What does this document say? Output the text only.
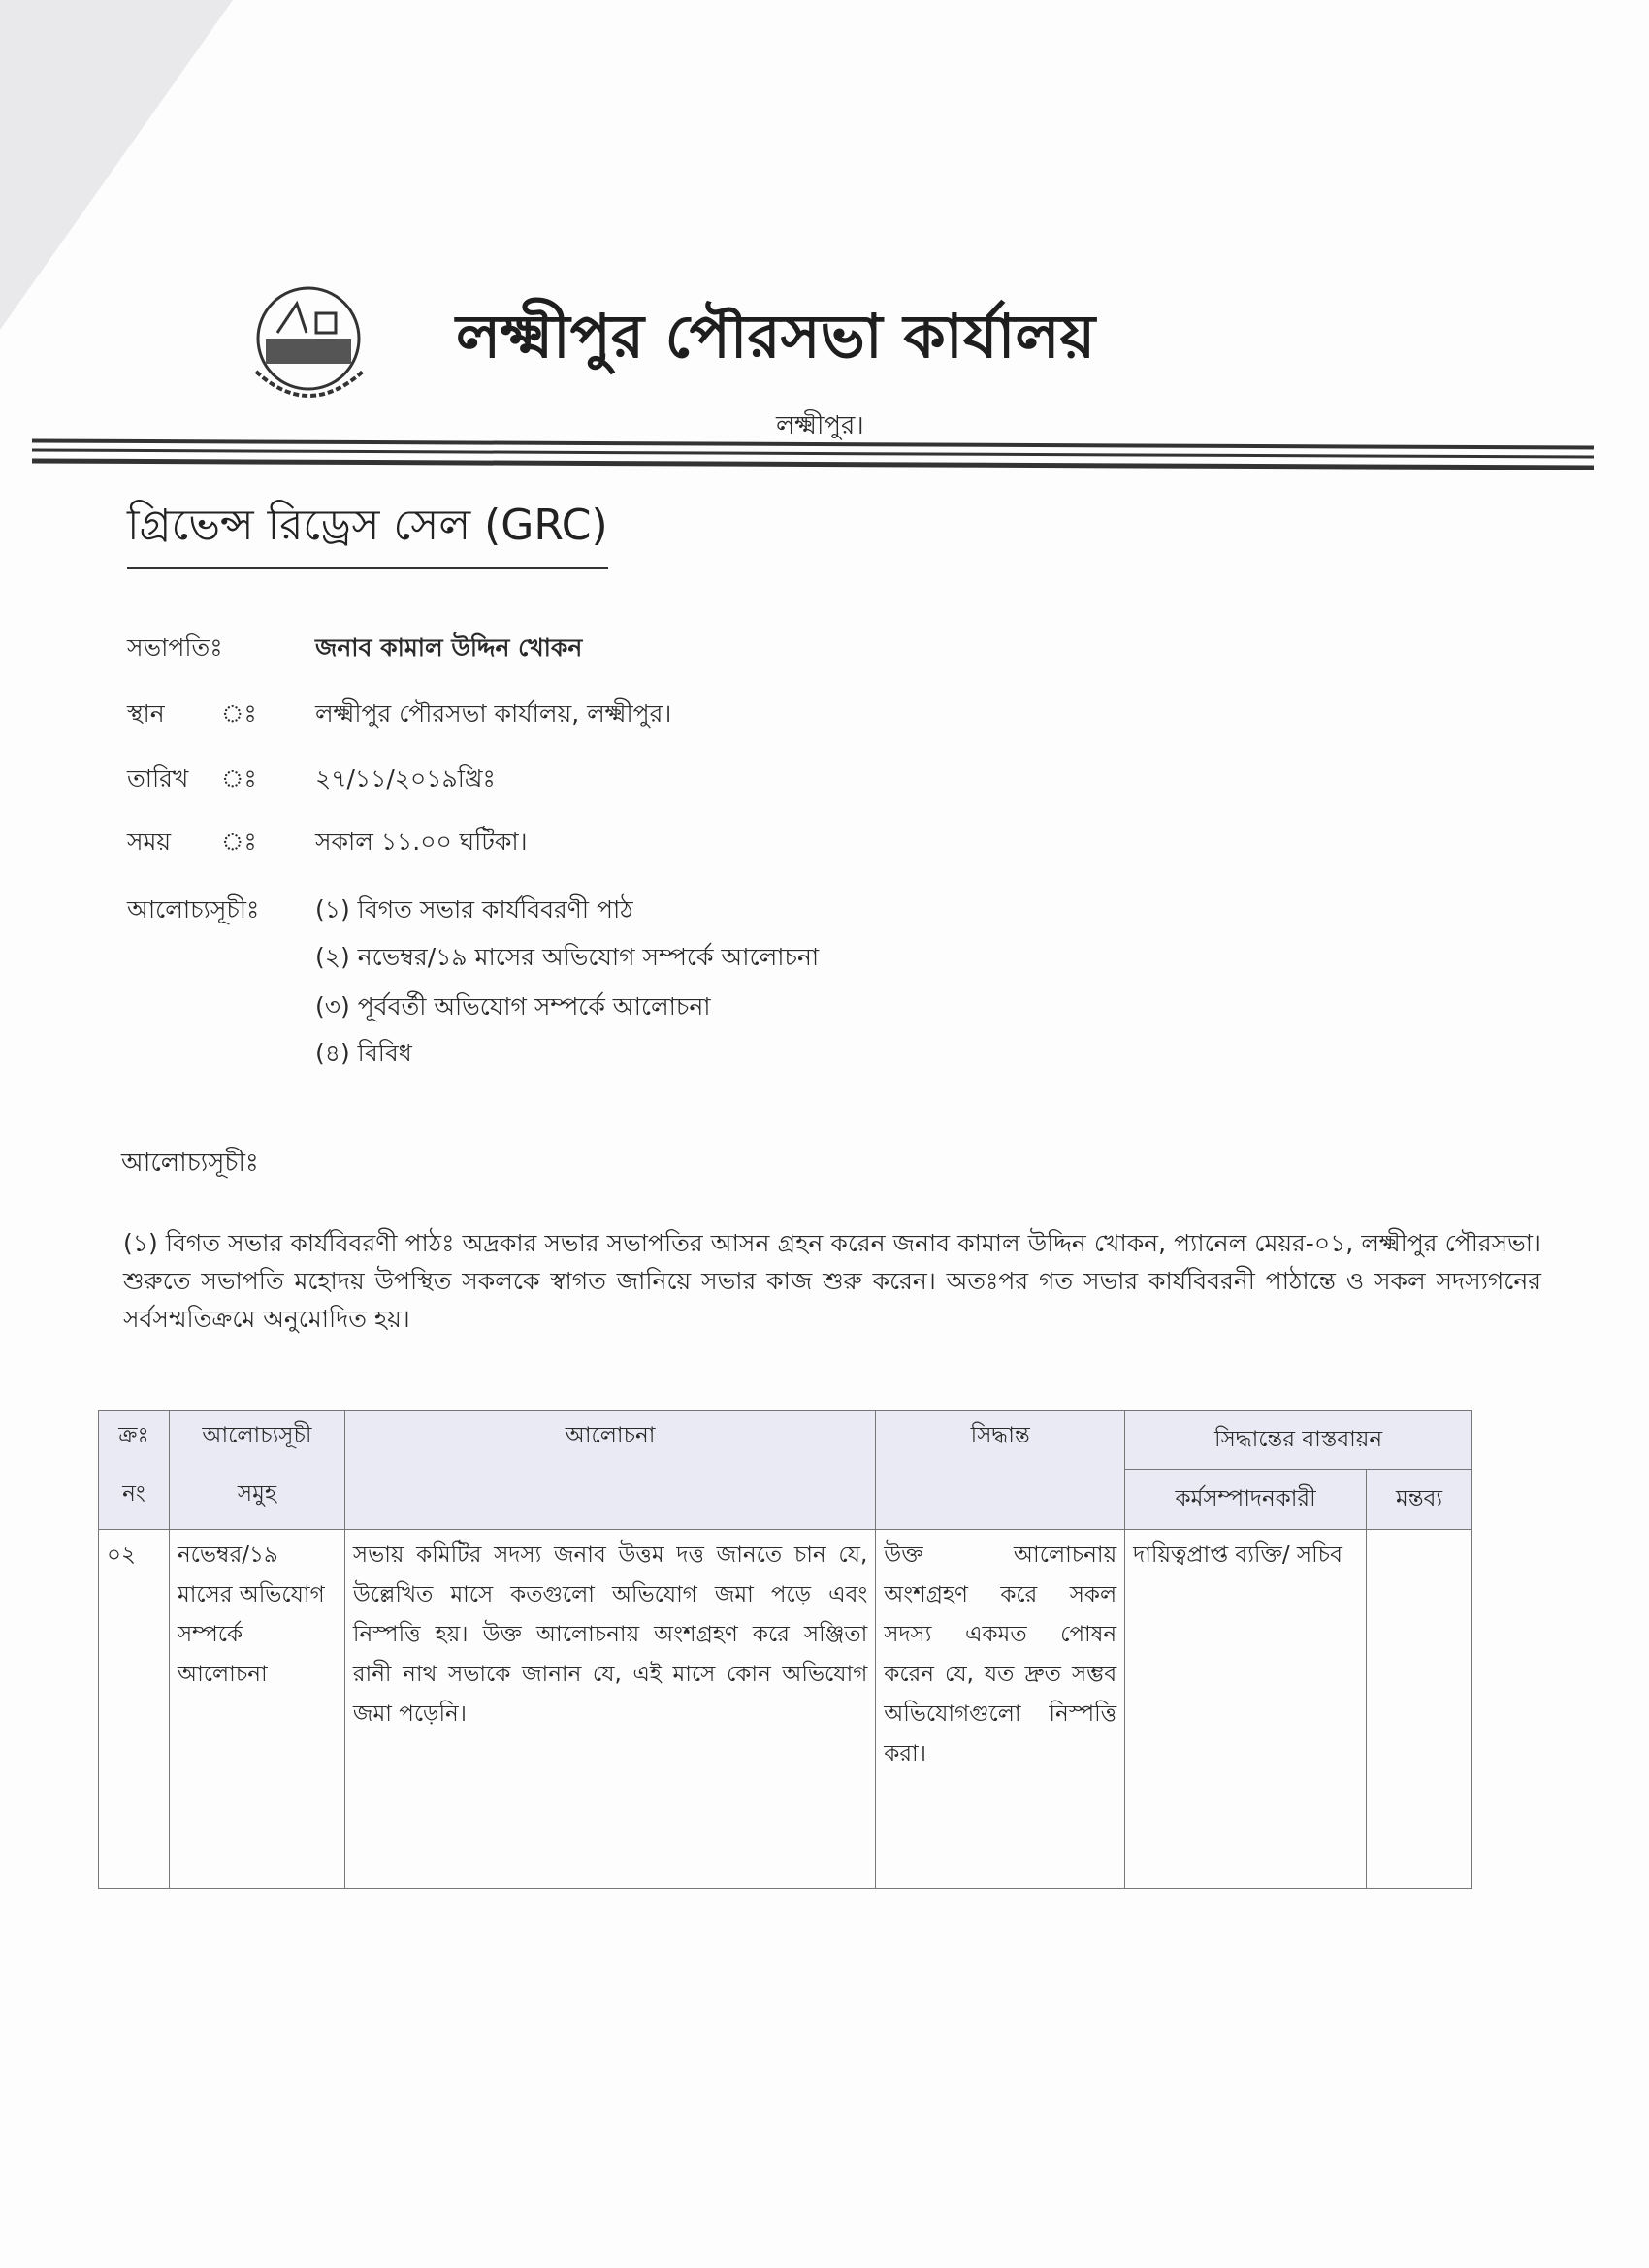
লক্ষ্মীপুর পৌরসভা কার্যালয়
লক্ষ্মীপুর।
গ্রিভেন্স রিড্রেস সেল (GRC)
সভাপতিঃ	জনাব কামাল উদ্দিন খোকন
স্থান ঃ লক্ষ্মীপুর পৌরসভা কার্যালয়, লক্ষ্মীপুর।
তারিখ ঃ ২৭/১১/২০১৯খ্রিঃ
সময় ঃ সকাল ১১.০০ ঘটিকা।
আলোচ্যসূচীঃ (১) বিগত সভার কার্যবিবরণী পাঠ
(২) নভেম্বর/১৯ মাসের অভিযোগ সম্পর্কে আলোচনা
(৩) পূর্ববর্তী অভিযোগ সম্পর্কে আলোচনা
(৪) বিবিধ
আলোচ্যসূচীঃ
(১) বিগত সভার কার্যবিবরণী পাঠঃ অদ্রকার সভার সভাপতির আসন গ্রহন করেন জনাব কামাল উদ্দিন খোকন, প্যানেল মেয়র-০১, লক্ষ্মীপুর পৌরসভা। শুরুতে সভাপতি মহোদয় উপস্থিত সকলকে স্বাগত জানিয়ে সভার কাজ শুরু করেন। অতঃপর গত সভার কার্যবিবরনী পাঠান্তে ও সকল সদস্যগনের সর্বসম্মতিক্রমে অনুমোদিত হয়।
ক্রঃ	আলোচ্যসূচী	আলোচনা	সিদ্ধান্ত	সিদ্ধান্তের বাস্তবায়ন	
নং	সমুহ			কর্মসম্পাদনকারী	মন্তব্য
০২	নভেম্বর/১৯ মাসের অভিযোগ সম্পর্কে আলোচনা	সভায় কমিটির সদস্য জনাব উত্তম দত্ত জানতে চান যে, উল্লেখিত মাসে কতগুলো অভিযোগ জমা পড়ে এবং নিস্পত্তি হয়। উক্ত আলোচনায় অংশগ্রহণ করে সঞ্জিতা রানী নাথ সভাকে জানান যে, এই মাসে কোন অভিযোগ জমা পড়েনি।	উক্ত আলোচনায় অংশগ্রহণ করে সকল সদস্য একমত পোষন করেন যে, যত দ্রুত সম্ভব অভিযোগগুলো নিস্পত্তি করা।	দায়িত্বপ্রাপ্ত ব্যক্তি/ সচিব	
